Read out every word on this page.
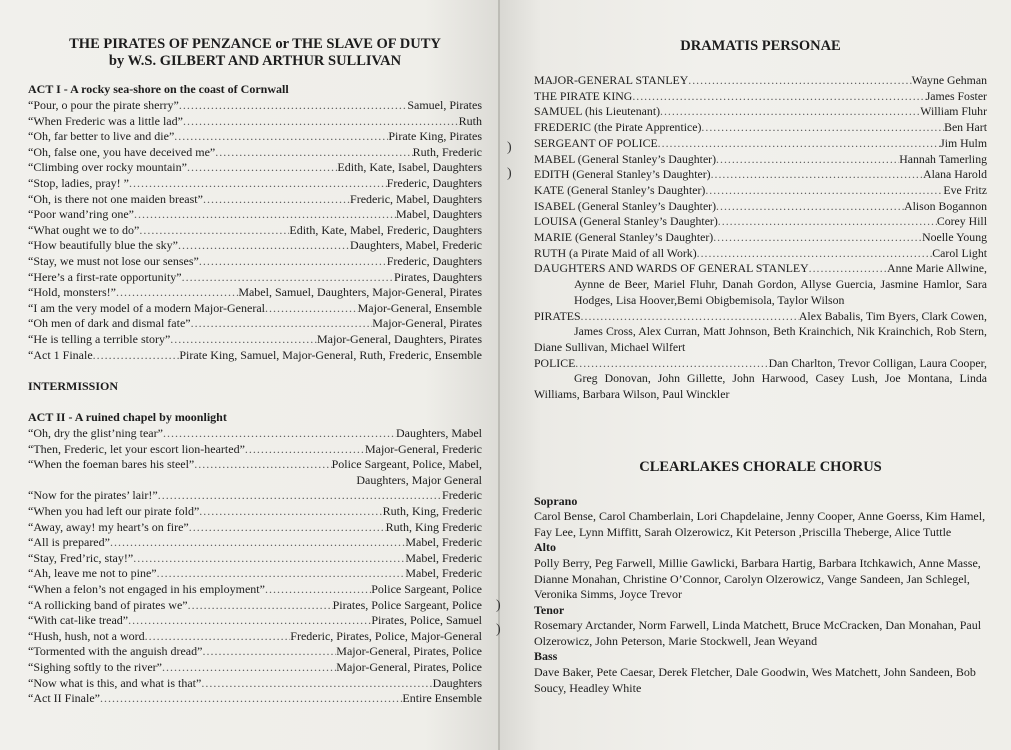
THE PIRATES OF PENZANCE or THE SLAVE OF DUTY

by W.S. GILBERT AND ARTHUR SULLIVAN

ACT I - A rocky sea-shore on the coast of Cornwall
“Pour, o pour the pirate sherry” .....	Samuel, Pirates
“When Frederic was a little lad” .....	Ruth
“Oh, far better to live and die” .....	Pirate King, Pirates
“Oh, false one, you have deceived me” .....	Ruth, Frederic
“Climbing over rocky mountain” .....	Edith, Kate, Isabel, Daughters
“Stop, ladies, pray! ” .....	Frederic, Daughters
“Oh, is there not one maiden breast” .....	Frederic, Mabel, Daughters
“Poor wand’ring one” .....	Mabel, Daughters
“What ought we to do” .....	Edith, Kate, Mabel, Frederic, Daughters
“How beautifully blue the sky” .....	Daughters, Mabel, Frederic
“Stay, we must not lose our senses” .....	Frederic, Daughters
“Here’s a first-rate opportunity” .....	Pirates, Daughters
“Hold, monsters!” .....	Mabel, Samuel, Daughters, Major-General, Pirates
“I am the very model of a modern Major-General .....	Major-General, Ensemble
“Oh men of dark and dismal fate” .....	Major-General, Pirates
“He is telling a terrible story” .....	Major-General, Daughters, Pirates
“Act 1 Finale .....	Pirate King, Samuel, Major-General, Ruth, Frederic, Ensemble
INTERMISSION
ACT II - A ruined chapel by moonlight
“Oh, dry the glist’ning tear” .....	Daughters, Mabel
“Then, Frederic, let your escort lion-hearted” .....	Major-General, Frederic
“When the foeman bares his steel” .....	Police Sargeant, Police, Mabel,
Daughters, Major General
“Now for the pirates’ lair!” .....	Frederic
“When you had left our pirate fold” .....	Ruth, King, Frederic
“Away, away! my heart’s on fire” .....	Ruth, King Frederic
“All is prepared” .....	Mabel, Frederic
“Stay, Fred’ric, stay!” .....	Mabel, Frederic
“Ah, leave me not to pine” .....	Mabel, Frederic
“When a felon’s not engaged in his employment” .....	Police Sargeant, Police
“A rollicking band of pirates we” .....	Pirates, Police Sargeant, Police
“With cat-like tread” .....	Pirates, Police, Samuel
“Hush, hush, not a word .....	Frederic, Pirates, Police, Major-General
“Tormented with the anguish dread” .....	Major-General, Pirates, Police
“Sighing softly to the river” .....	Major-General, Pirates, Police
“Now what is this, and what is that” .....	Daughters
“Act II Finale” .....	Entire Ensemble

DRAMATIS PERSONAE

MAJOR-GENERAL STANLEY .....	Wayne Gehman
THE PIRATE KING .....	James Foster
SAMUEL (his Lieutenant) .....	William Fluhr
FREDERIC (the Pirate Apprentice) .....	Ben Hart
SERGEANT OF POLICE .....	Jim Hulm
MABEL (General Stanley’s Daughter) .....	Hannah Tamerling
EDITH (General Stanley’s Daughter) .....	Alana Harold
KATE (General Stanley’s Daughter) .....	Eve Fritz
ISABEL (General Stanley’s Daughter) .....	Alison Bogannon
LOUISA (General Stanley’s Daughter) .....	Corey Hill
MARIE (General Stanley’s Daughter) .....	Noelle Young
RUTH (a Pirate Maid of all Work) .....	Carol Light
DAUGHTERS AND WARDS OF GENERAL STANLEY .....	Anne Marie Allwine,
Aynne de Beer, Mariel Fluhr, Danah Gordon, Allyse Guercia, Jasmine Hamlor, Sara Hodges, Lisa Hoover,Bemi Obigbemisola, Taylor Wilson
PIRATES .....	Alex Babalis, Tim Byers, Clark Cowen,
James Cross, Alex Curran, Matt Johnson, Beth Krainchich, Nik Krainchich, Rob Stern, Diane Sullivan, Michael Wilfert
POLICE .....	Dan Charlton, Trevor Colligan, Laura Cooper,
Greg Donovan, John Gillette, John Harwood, Casey Lush, Joe Montana, Linda Williams, Barbara Wilson, Paul Winckler

CLEARLAKES CHORALE CHORUS

Soprano
Carol Bense, Carol Chamberlain, Lori Chapdelaine, Jenny Cooper, Anne Goerss, Kim Hamel, Fay Lee, Lynn Miffitt, Sarah Olzerowicz, Kit Peterson ,Priscilla Theberge, Alice Tuttle
Alto
Polly Berry, Peg Farwell, Millie Gawlicki, Barbara Hartig, Barbara Itchkawich, Anne Masse, Dianne Monahan, Christine O’Connor, Carolyn Olzerowicz, Vange Sandeen, Jan Schlegel, Veronika Simms, Joyce Trevor
Tenor
Rosemary Arctander, Norm Farwell, Linda Matchett, Bruce McCracken, Dan Monahan, Paul Olzerowicz, John Peterson, Marie Stockwell, Jean Weyand
Bass
Dave Baker, Pete Caesar, Derek Fletcher, Dale Goodwin, Wes Matchett, John Sandeen, Bob Soucy, Headley White
)
)
)
)
